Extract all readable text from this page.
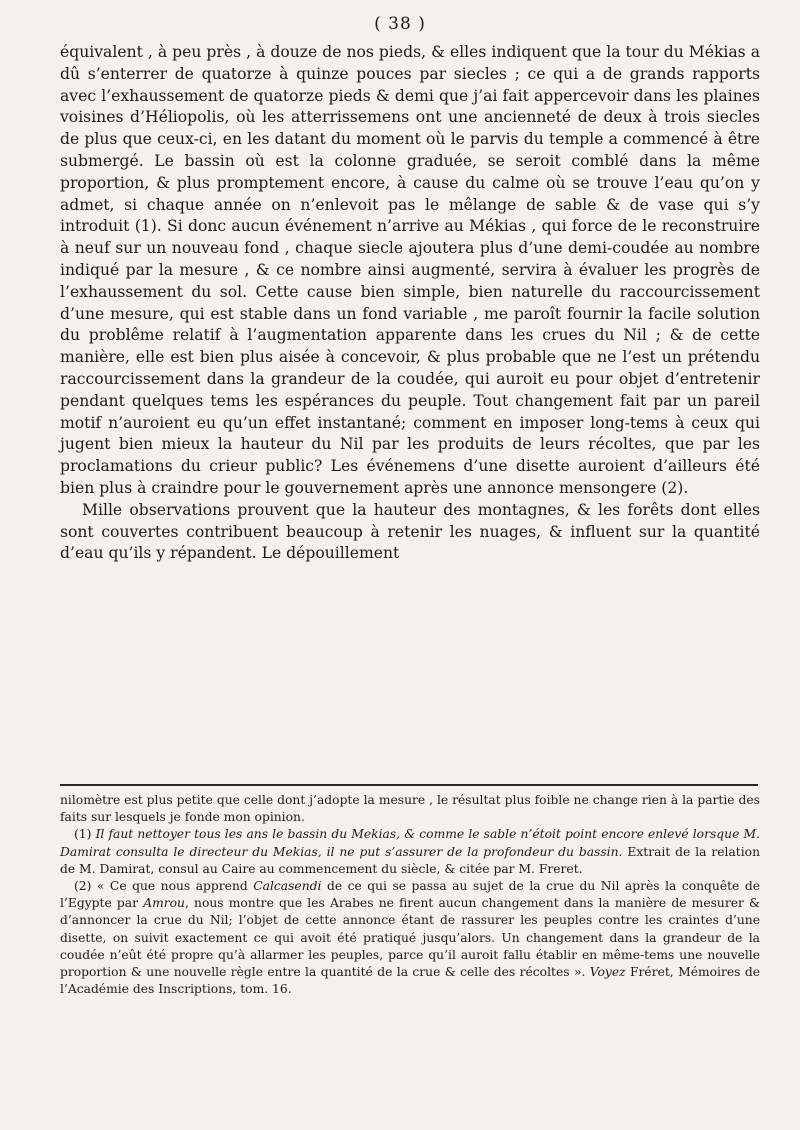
( 38 )

équivalent , à peu près , à douze de nos pieds, & elles indiquent que la tour du Mékias a dû s’enterrer de quatorze à quinze pouces par siecles ; ce qui a de grands rapports avec l’exhaussement de quatorze pieds & demi que j’ai fait appercevoir dans les plaines voisines d’Héliopolis, où les atterrissemens ont une ancienneté de deux à trois siecles de plus que ceux-ci, en les datant du moment où le parvis du temple a commencé à être submergé. Le bassin où est la colonne graduée, se seroit comblé dans la même proportion, & plus promptement encore, à cause du calme où se trouve l’eau qu’on y admet, si chaque année on n’enlevoit pas le mêlange de sable & de vase qui s’y introduit (1). Si donc aucun événement n’arrive au Mékias , qui force de le reconstruire à neuf sur un nouveau fond , chaque siecle ajoutera plus d’une demi-coudée au nombre indiqué par la mesure , & ce nombre ainsi augmenté, servira à évaluer les progrès de l’exhaussement du sol. Cette cause bien simple, bien naturelle du raccourcissement d’une mesure, qui est stable dans un fond variable , me paroît fournir la facile solution du problême relatif à l’augmentation apparente dans les crues du Nil ; & de cette manière, elle est bien plus aisée à concevoir, & plus probable que ne l’est un prétendu raccourcissement dans la grandeur de la coudée, qui auroit eu pour objet d’entretenir pendant quelques tems les espérances du peuple. Tout changement fait par un pareil motif n’auroient eu qu’un effet instantané; comment en imposer long-tems à ceux qui jugent bien mieux la hauteur du Nil par les produits de leurs récoltes, que par les proclamations du crieur public? Les événemens d’une disette auroient d’ailleurs été bien plus à craindre pour le gouvernement après une annonce mensongere (2).

Mille observations prouvent que la hauteur des montagnes, & les forêts dont elles sont couvertes contribuent beaucoup à retenir les nuages, & influent sur la quantité d’eau qu’ils y répandent. Le dépouillement

nilomètre est plus petite que celle dont j’adopte la mesure , le résultat plus foible ne change rien à la partie des faits sur lesquels je fonde mon opinion.

(1) Il faut nettoyer tous les ans le bassin du Mekias, & comme le sable n’étoit point encore enlevé lorsque M. Damirat consulta le directeur du Mekias, il ne put s’assurer de la profondeur du bassin. Extrait de la relation de M. Damirat, consul au Caire au commencement du siècle, & citée par M. Freret.

(2) « Ce que nous apprend Calcasendi de ce qui se passa au sujet de la crue du Nil après la conquête de l’Egypte par Amrou, nous montre que les Arabes ne firent aucun changement dans la manière de mesurer & d’annoncer la crue du Nil; l’objet de cette annonce étant de rassurer les peuples contre les craintes d’une disette, on suivit exactement ce qui avoit été pratiqué jusqu’alors. Un changement dans la grandeur de la coudée n’eût été propre qu’à allarmer les peuples, parce qu’il auroit fallu établir en même-tems une nouvelle proportion & une nouvelle règle entre la quantité de la crue & celle des récoltes ». Voyez Fréret, Mémoires de l’Académie des Inscriptions, tom. 16.
